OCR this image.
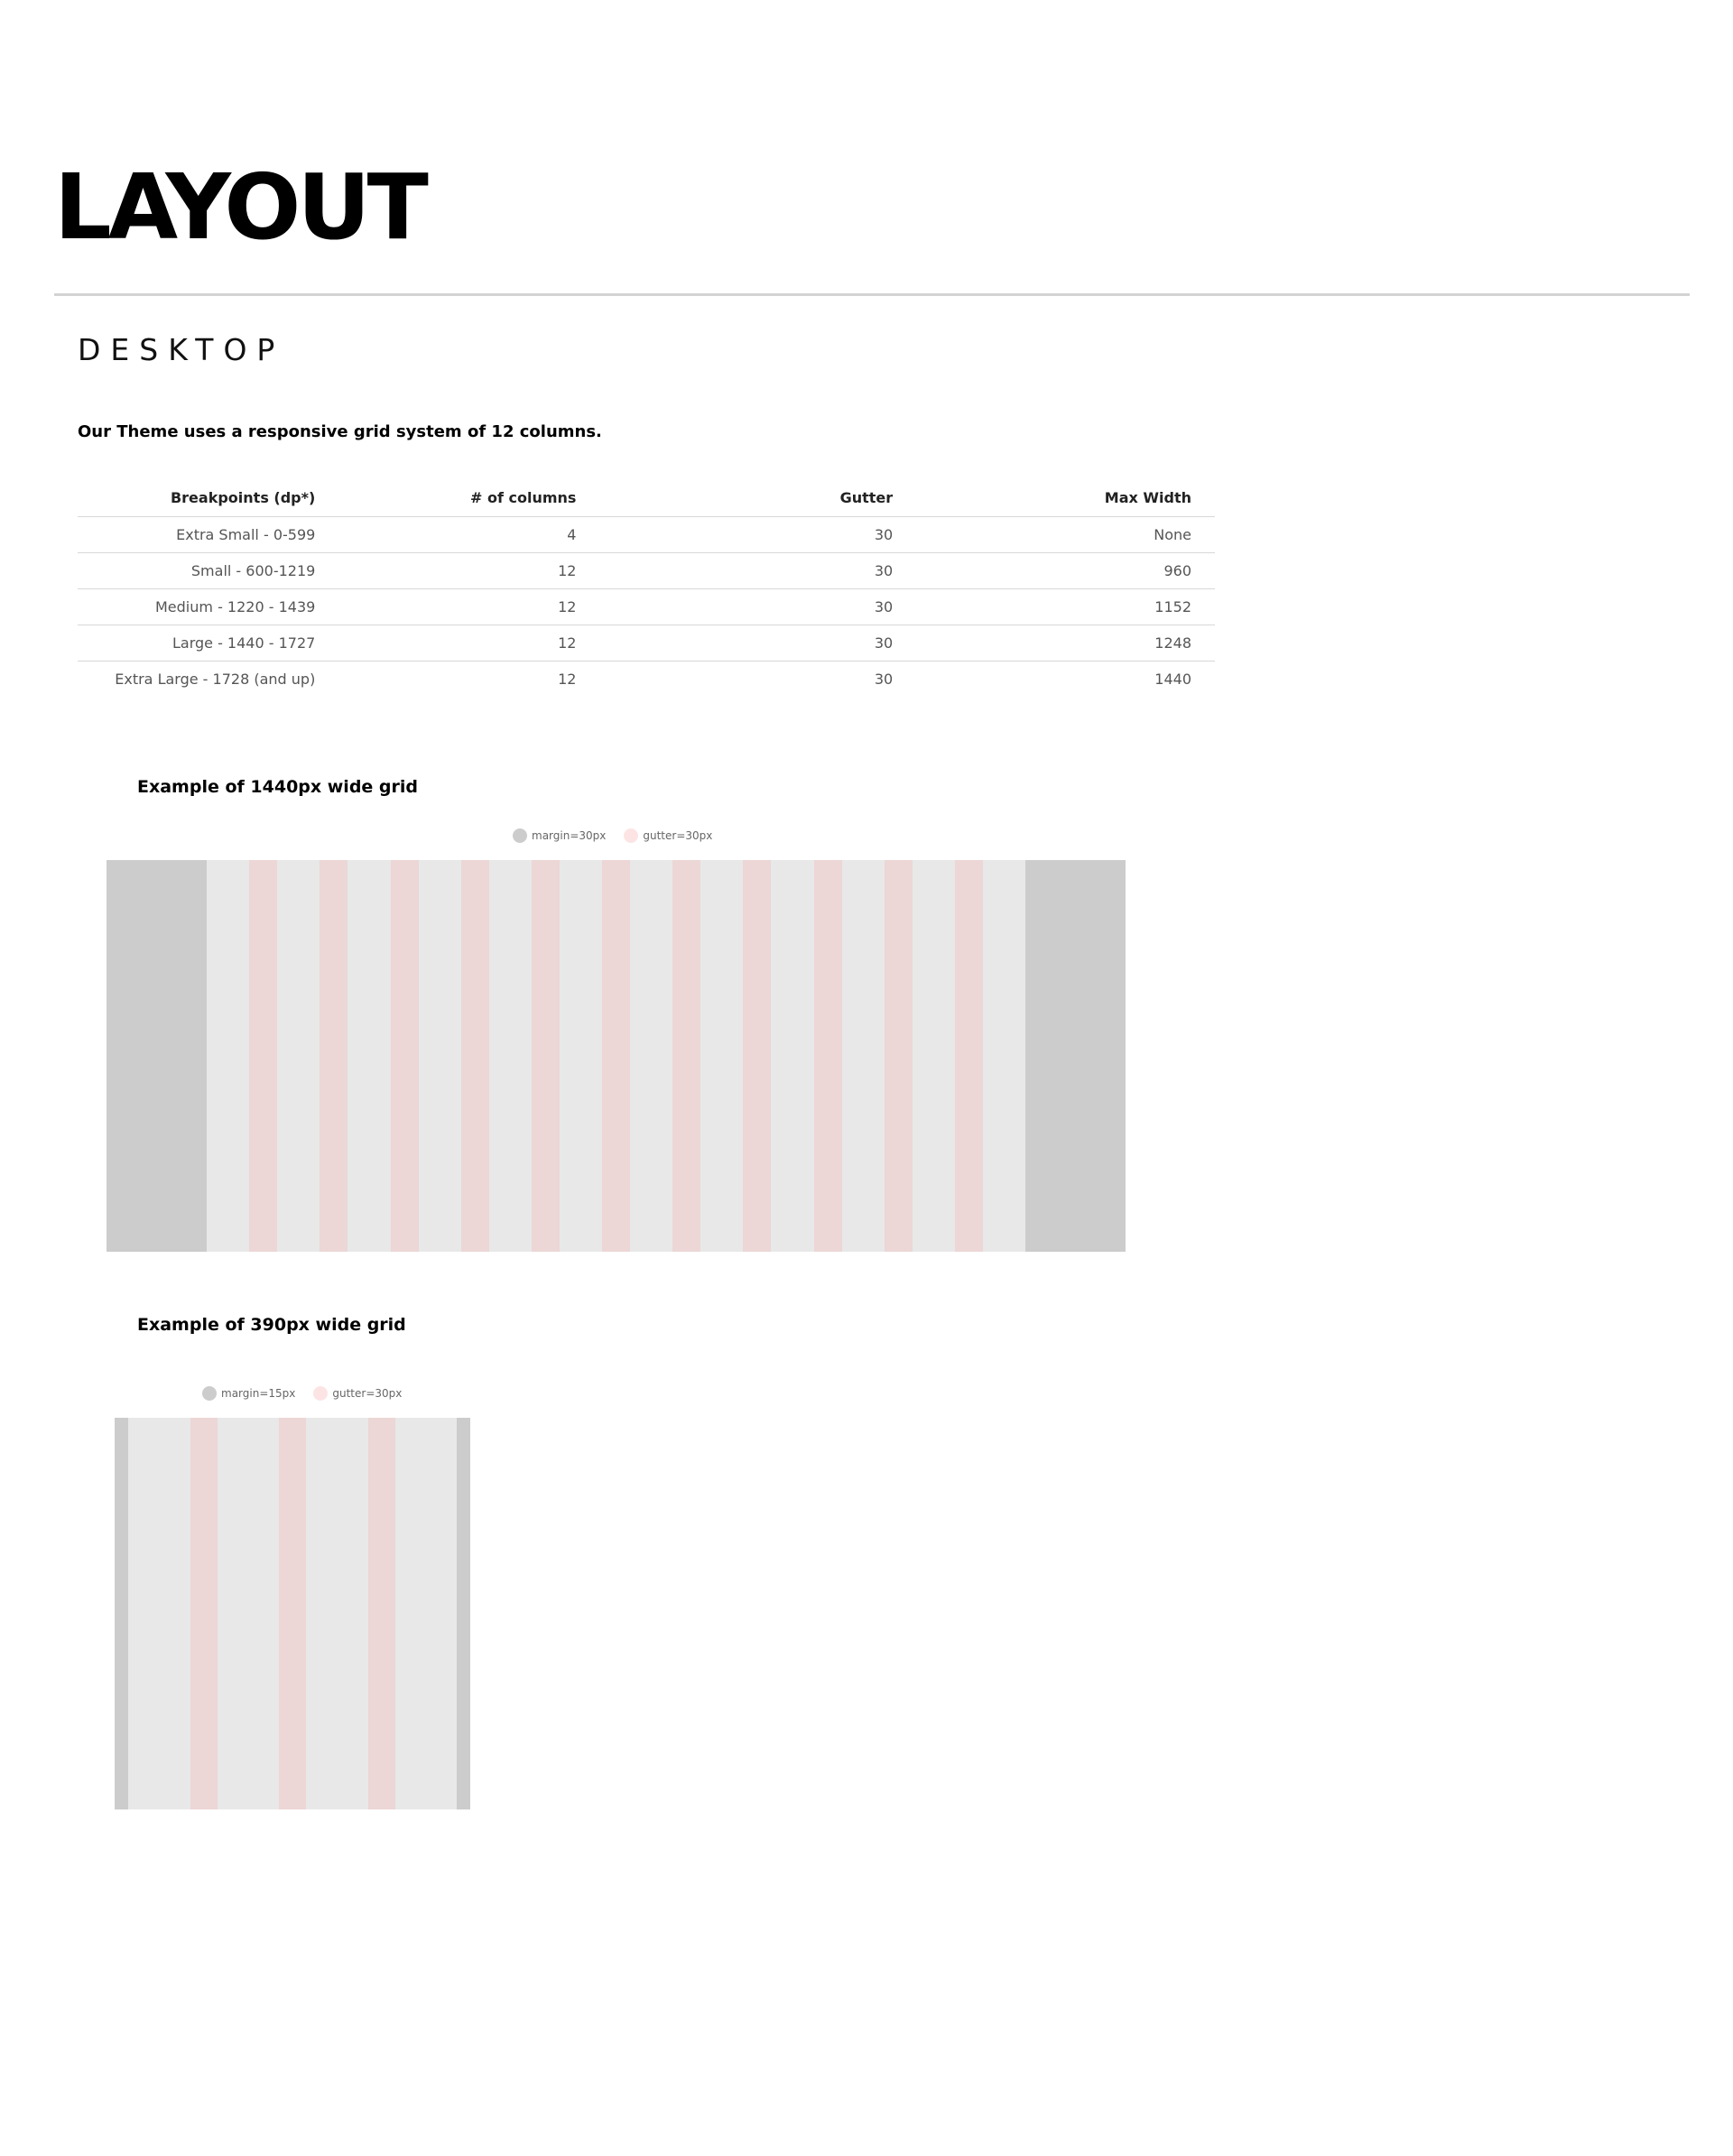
LAYOUT
DESKTOP

Our Theme uses a responsive grid system of 12 columns.

Breakpoints (dp*)	# of columns	Gutter	Max Width
Extra Small - 0-599	4	30	None
Small - 600-1219	12	30	960
Medium - 1220 - 1439	12	30	1152
Large - 1440 - 1727	12	30	1248
Extra Large - 1728 (and up)	12	30	1440
Example of 1440px wide grid
margin=30px	gutter=30px
Example of 390px wide grid
margin=15px	gutter=30px
